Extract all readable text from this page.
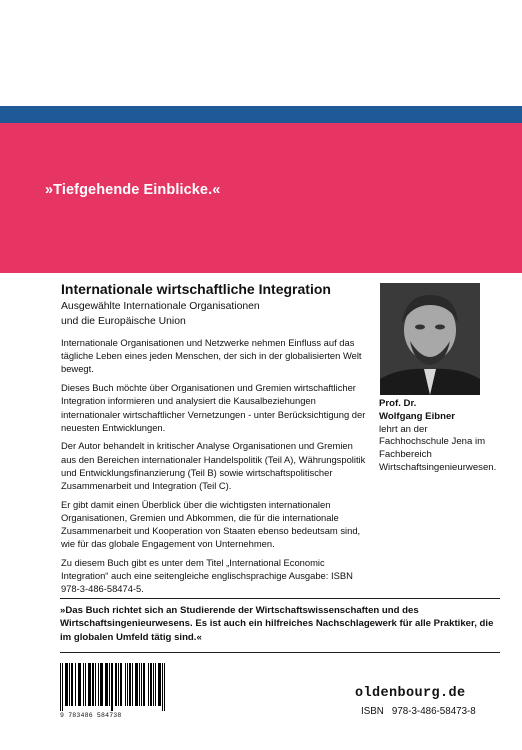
»Tiefgehende Einblicke.«
Internationale wirtschaftliche Integration

Ausgewählte Internationale Organisationen
und die Europäische Union

Internationale Organisationen und Netzwerke nehmen Einfluss auf das tägliche Leben eines jeden Menschen, der sich in der globalisierten Welt bewegt.

Dieses Buch möchte über Organisationen und Gremien wirtschaftlicher Integration informieren und analysiert die Kausalbeziehungen internationaler wirtschaftlicher Vernetzungen - unter Berücksichtigung der neuesten Entwicklungen.

Der Autor behandelt in kritischer Analyse Organisationen und Gremien aus den Bereichen internationaler Handelspolitik (Teil A), Währungspolitik und Entwicklungsfinanzierung (Teil B) sowie wirtschaftspolitischer Zusammenarbeit und Integration (Teil C).

Er gibt damit einen Überblick über die wichtigsten internationalen Organisationen, Gremien und Abkommen, die für die internationale Zusammenarbeit und Kooperation von Staaten ebenso bedeutsam sind, wie für das globale Engagement von Unternehmen.

Zu diesem Buch gibt es unter dem Titel „International Economic Integration“ auch eine seitengleiche englischsprachige Ausgabe: ISBN 978-3-486-58474-5.

Prof. Dr.
Wolfgang Eibner
lehrt an der Fachhochschule Jena im Fachbereich Wirtschaftsingenieurwesen.

»Das Buch richtet sich an Studierende der Wirtschaftswissenschaften und des Wirtschaftsingenieurwesens. Es ist auch ein hilfreiches Nachschlagewerk für alle Praktiker, die im globalen Umfeld tätig sind.«

9 783486 584738
oldenbourg.de
ISBN 978-3-486-58473-8
